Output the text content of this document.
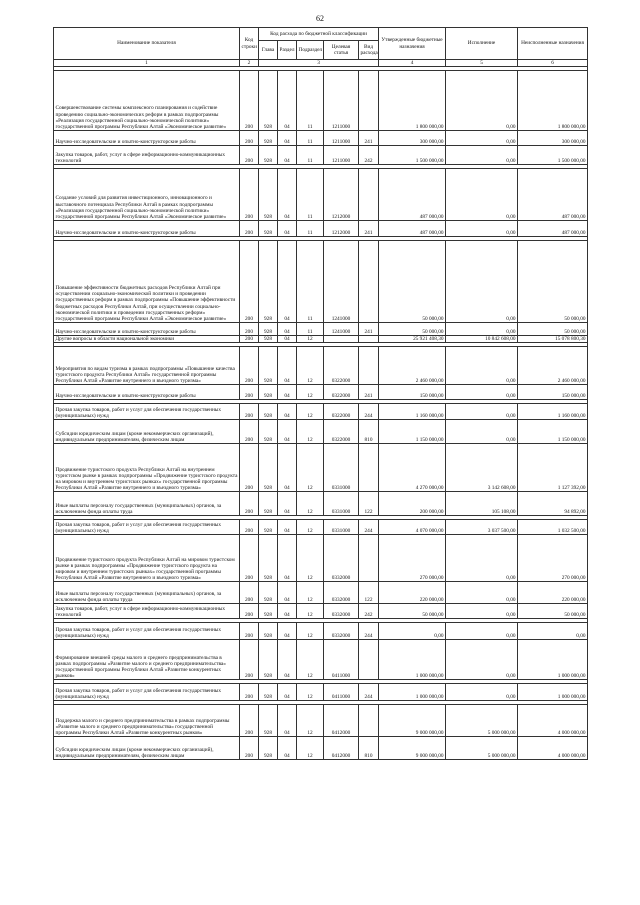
62
Наименование показателя	Код строки	Код расхода по бюджетной классификации					Утвержденные бюджетные назначения	Исполнение	Неисполненные назначения
		Глава	Раздел	Подраздел	Целевая статья	Вид расхода			
1	2	3					4	5	6

Совершенствование системы комплексного планирования и содействие проведению социально-экономических реформ в рамках подпрограммы «Реализация государственной социально-экономической политики» государственной программы Республики Алтай «Экономическое развитие»	200	928	04	11	1211000		1 800 000,00	0,00	1 800 000,00
Научно-исследовательские и опытно-конструкторские работы	200	928	04	11	1211000	241	300 000,00	0,00	300 000,00
Закупка товаров, работ, услуг в сфере информационно-коммуникационных технологий	200	928	04	11	1211000	242	1 500 000,00	0,00	1 500 000,00

Создание условий для развития инвестиционного, инновационного и выставочного потенциала Республики Алтай в рамках подпрограммы «Реализация государственной социально-экономической политики» государственной программы Республики Алтай «Экономическое развитие»	200	928	04	11	1212000		487 000,00	0,00	487 000,00
Научно-исследовательские и опытно-конструкторские работы	200	928	04	11	1212000	241	487 000,00	0,00	487 000,00

Повышение эффективности бюджетных расходов Республики Алтай при осуществлении социально-экономической политики и проведении государственных реформ в рамках подпрограммы «Повышение эффективности бюджетных расходов Республики Алтай, при осуществлении социально-экономической политики и проведении государственных реформ» государственной программы Республики Алтай «Экономическое развитие»	200	928	04	11	1241000		50 000,00	0,00	50 000,00
Научно-исследовательские и опытно-конструкторские работы	200	928	04	11	1241000	241	50 000,00	0,00	50 000,00
Другие вопросы в области национальной экономики	200	928	04	12			25 921 408,30	10 842 608,00	15 078 800,30

Мероприятия по видам туризма в рамках подпрограммы «Повышение качества туристского продукта Республики Алтай» государственной программы Республики Алтай «Развитие внутреннего и въездного туризма»	200	928	04	12	0322000		2 460 000,00	0,00	2 460 000,00
Научно-исследовательские и опытно-конструкторские работы	200	928	04	12	0322000	241	150 000,00	0,00	150 000,00

Прочая закупка товаров, работ и услуг для обеспечения государственных (муниципальных) нужд	200	928	04	12	0322000	244	1 160 000,00	0,00	1 160 000,00
Субсидии юридическим лицам (кроме некоммерческих организаций), индивидуальным предпринимателям, физическим лицам	200	928	04	12	0322000	810	1 150 000,00	0,00	1 150 000,00
Продвижение туристского продукта Республики Алтай на внутреннем туристском рынке в рамках подпрограммы «Продвижение туристского продукта на мировом и внутреннем туристских рынках» государственной программы Республики Алтай «Развитие внутреннего и въездного туризма»	200	928	04	12	0331000		4 270 000,00	3 142 608,00	1 127 392,00
Иные выплаты персоналу государственных (муниципальных) органов, за исключением фонда оплаты труда	200	928	04	12	0331000	122	200 000,00	105 108,00	94 892,00

Прочая закупка товаров, работ и услуг для обеспечения государственных (муниципальных) нужд	200	928	04	12	0331000	244	4 070 000,00	3 037 500,00	1 032 500,00
Продвижение туристского продукта Республики Алтай на мировом туристском рынке в рамках подпрограммы «Продвижение туристского продукта на мировом и внутреннем туристских рынках» государственной программы Республики Алтай «Развитие внутреннего и въездного туризма»	200	928	04	12	0332000		270 000,00	0,00	270 000,00
Иные выплаты персоналу государственных (муниципальных) органов, за исключением фонда оплаты труда	200	928	04	12	0332000	122	220 000,00	0,00	220 000,00
Закупка товаров, работ, услуг в сфере информационно-коммуникационных технологий	200	928	04	12	0332000	242	50 000,00	0,00	50 000,00

Прочая закупка товаров, работ и услуг для обеспечения государственных (муниципальных) нужд	200	928	04	12	0332000	244	0,00	0,00	0,00
Формирование внешней среды малого и среднего предпринимательства в рамках подпрограммы «Развитие малого и среднего предпринимательства» государственной программы Республики Алтай «Развитие конкурентных рынков»	200	928	04	12	0411000		1 000 000,00	0,00	1 000 000,00

Прочая закупка товаров, работ и услуг для обеспечения государственных (муниципальных) нужд	200	928	04	12	0411000	244	1 000 000,00	0,00	1 000 000,00

Поддержка малого и среднего предпринимательства в рамках подпрограммы «Развитие малого и среднего предпринимательства» государственной программы Республики Алтай «Развитие конкурентных рынков»	200	928	04	12	0412000		9 000 000,00	5 000 000,00	4 000 000,00
Субсидии юридическим лицам (кроме некоммерческих организаций), индивидуальным предпринимателям, физическим лицам	200	928	04	12	0412000	810	9 000 000,00	5 000 000,00	4 000 000,00
